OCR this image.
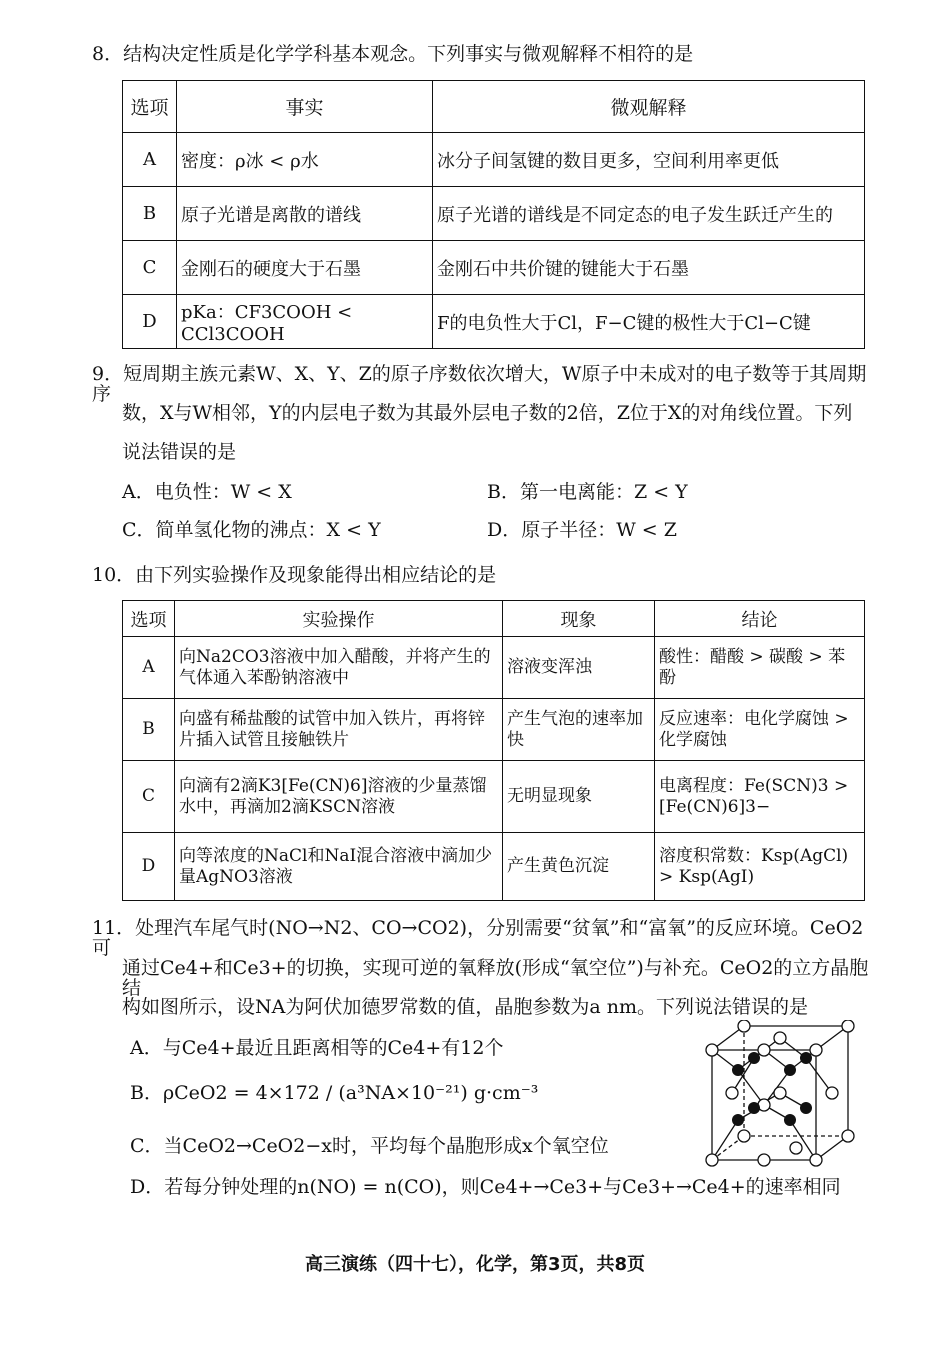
8．结构决定性质是化学学科基本观念。下列事实与微观解释不相符的是
选项	事实	微观解释
A	密度：ρ冰 < ρ水	冰分子间氢键的数目更多，空间利用率更低
B	原子光谱是离散的谱线	原子光谱的谱线是不同定态的电子发生跃迁产生的
C	金刚石的硬度大于石墨	金刚石中共价键的键能大于石墨
D	pKa：CF3COOH < CCl3COOH	F的电负性大于Cl，F−C键的极性大于Cl−C键
9．短周期主族元素W、X、Y、Z的原子序数依次增大，W原子中未成对的电子数等于其周期序
数，X与W相邻，Y的内层电子数为其最外层电子数的2倍，Z位于X的对角线位置。下列
说法错误的是
A．电负性：W < X	B．第一电离能：Z < Y
C．简单氢化物的沸点：X < Y	D．原子半径：W < Z
10．由下列实验操作及现象能得出相应结论的是
选项	实验操作	现象	结论
A	向Na2CO3溶液中加入醋酸，并将产生的气体通入苯酚钠溶液中	溶液变浑浊	酸性：醋酸 > 碳酸 > 苯酚
B	向盛有稀盐酸的试管中加入铁片，再将锌片插入试管且接触铁片	产生气泡的速率加快	反应速率：电化学腐蚀 > 化学腐蚀
C	向滴有2滴K3[Fe(CN)6]溶液的少量蒸馏水中，再滴加2滴KSCN溶液	无明显现象	电离程度：Fe(SCN)3 > [Fe(CN)6]3−
D	向等浓度的NaCl和NaI混合溶液中滴加少量AgNO3溶液	产生黄色沉淀	溶度积常数：Ksp(AgCl) > Ksp(AgI)
11．处理汽车尾气时(NO→N2、CO→CO2)，分别需要“贫氧”和“富氧”的反应环境。CeO2可
通过Ce4+和Ce3+的切换，实现可逆的氧释放(形成“氧空位”)与补充。CeO2的立方晶胞结
构如图所示，设NA为阿伏加德罗常数的值，晶胞参数为a nm。下列说法错误的是
A．与Ce4+最近且距离相等的Ce4+有12个
B．ρCeO2 = 4×172 / (a³NA×10⁻²¹) g·cm⁻³
C．当CeO2→CeO2−x时，平均每个晶胞形成x个氧空位
D．若每分钟处理的n(NO) = n(CO)，则Ce4+→Ce3+与Ce3+→Ce4+的速率相同
高三演练（四十七），化学，第3页，共8页
